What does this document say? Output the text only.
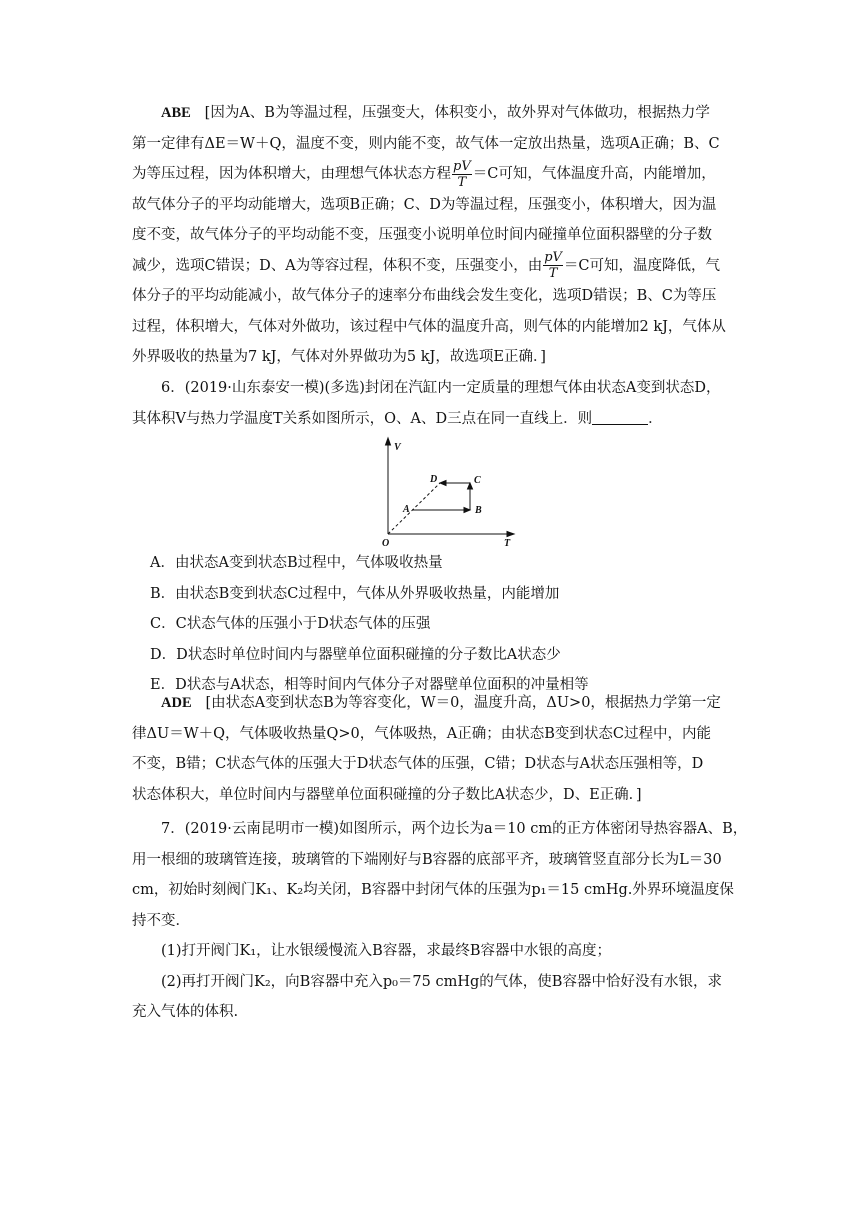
ABE [因为A、B为等温过程，压强变大，体积变小，故外界对气体做功，根据热力学

第一定律有ΔE＝W＋Q，温度不变，则内能不变，故气体一定放出热量，选项A正确；B、C

为等压过程，因为体积增大，由理想气体状态方程 $\frac{pV}{T} =C$可知，气体温度升高，内能增加，

故气体分子的平均动能增大，选项B正确；C、D为等温过程，压强变小，体积增大，因为温

度不变，故气体分子的平均动能不变，压强变小说明单位时间内碰撞单位面积器壁的分子数

减少，选项C错误；D、A为等容过程，体积不变，压强变小，由 $\frac{pV}{T} =C$可知，温度降低，气

体分子的平均动能减小，故气体分子的速率分布曲线会发生变化，选项D错误；B、C为等压

过程，体积增大，气体对外做功，该过程中气体的温度升高，则气体的内能增加2 kJ，气体从

外界吸收的热量为7 kJ，气体对外界做功为5 kJ，故选项E正确．]

6．(2019·山东泰安一模)(多选)封闭在汽缸内一定质量的理想气体由状态A变到状态D，

其体积V与热力学温度T关系如图所示，O、A、D三点在同一直线上．则	．

V
T
O
A	B
C
D

A．由状态A变到状态B过程中，气体吸收热量

B．由状态B变到状态C过程中，气体从外界吸收热量，内能增加

C．C状态气体的压强小于D状态气体的压强

D．D状态时单位时间内与器壁单位面积碰撞的分子数比A状态少

E．D状态与A状态，相等时间内气体分子对器壁单位面积的冲量相等

ADE [由状态A变到状态B为等容变化，W＝0，温度升高，ΔU>0，根据热力学第一定

律ΔU＝W＋Q，气体吸收热量Q>0，气体吸热，A正确；由状态B变到状态C过程中，内能

不变，B错；C状态气体的压强大于D状态气体的压强，C错；D状态与A状态压强相等，D

状态体积大，单位时间内与器壁单位面积碰撞的分子数比A状态少，D、E正确．]

7．(2019·云南昆明市一模)如图所示，两个边长为a＝10 cm的正方体密闭导热容器A、B，

用一根细的玻璃管连接，玻璃管的下端刚好与B容器的底部平齐，玻璃管竖直部分长为L＝30

cm，初始时刻阀门K₁、K₂均关闭，B容器中封闭气体的压强为p₁＝15 cmHg.外界环境温度保

持不变．

(1)打开阀门K₁，让水银缓慢流入B容器，求最终B容器中水银的高度；

(2)再打开阀门K₂，向B容器中充入p₀＝75 cmHg的气体，使B容器中恰好没有水银，求

充入气体的体积.
